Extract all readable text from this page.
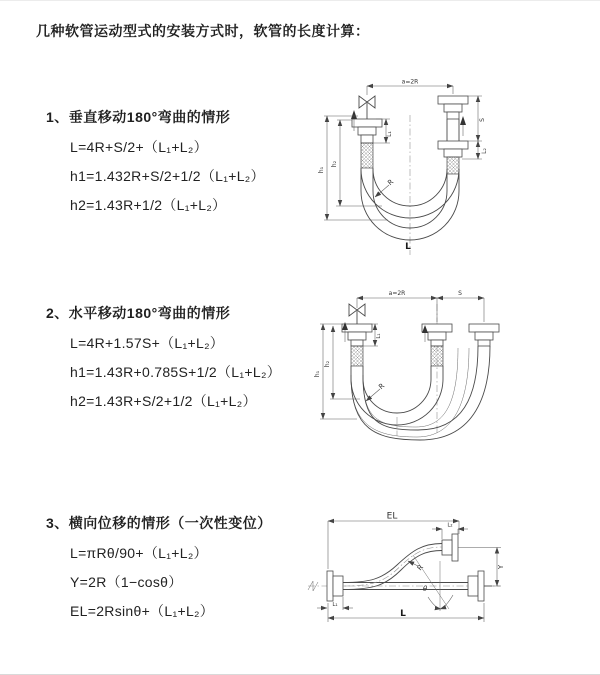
几种软管运动型式的安装方式时，软管的长度计算：
1、垂直移动180°弯曲的情形
L=4R+S/2+（L₁+L₂）
h1=1.432R+S/2+1/2（L₁+L₂）
h2=1.43R+1/2（L₁+L₂）
2、水平移动180°弯曲的情形
L=4R+1.57S+（L₁+L₂）
h1=1.43R+0.785S+1/2（L₁+L₂）
h2=1.43R+S/2+1/2（L₁+L₂）
3、横向位移的情形（一次性变位）
L=πRθ/90+（L₁+L₂）
Y=2R（1−cosθ）
EL=2Rsinθ+（L₁+L₂）
a=2R
L₁
S
L₂
h₁
h₂
R
L
a=2R	S
L₁
h₁
h₂
R
EL
L₂
θ
R	Y
L₁
L
